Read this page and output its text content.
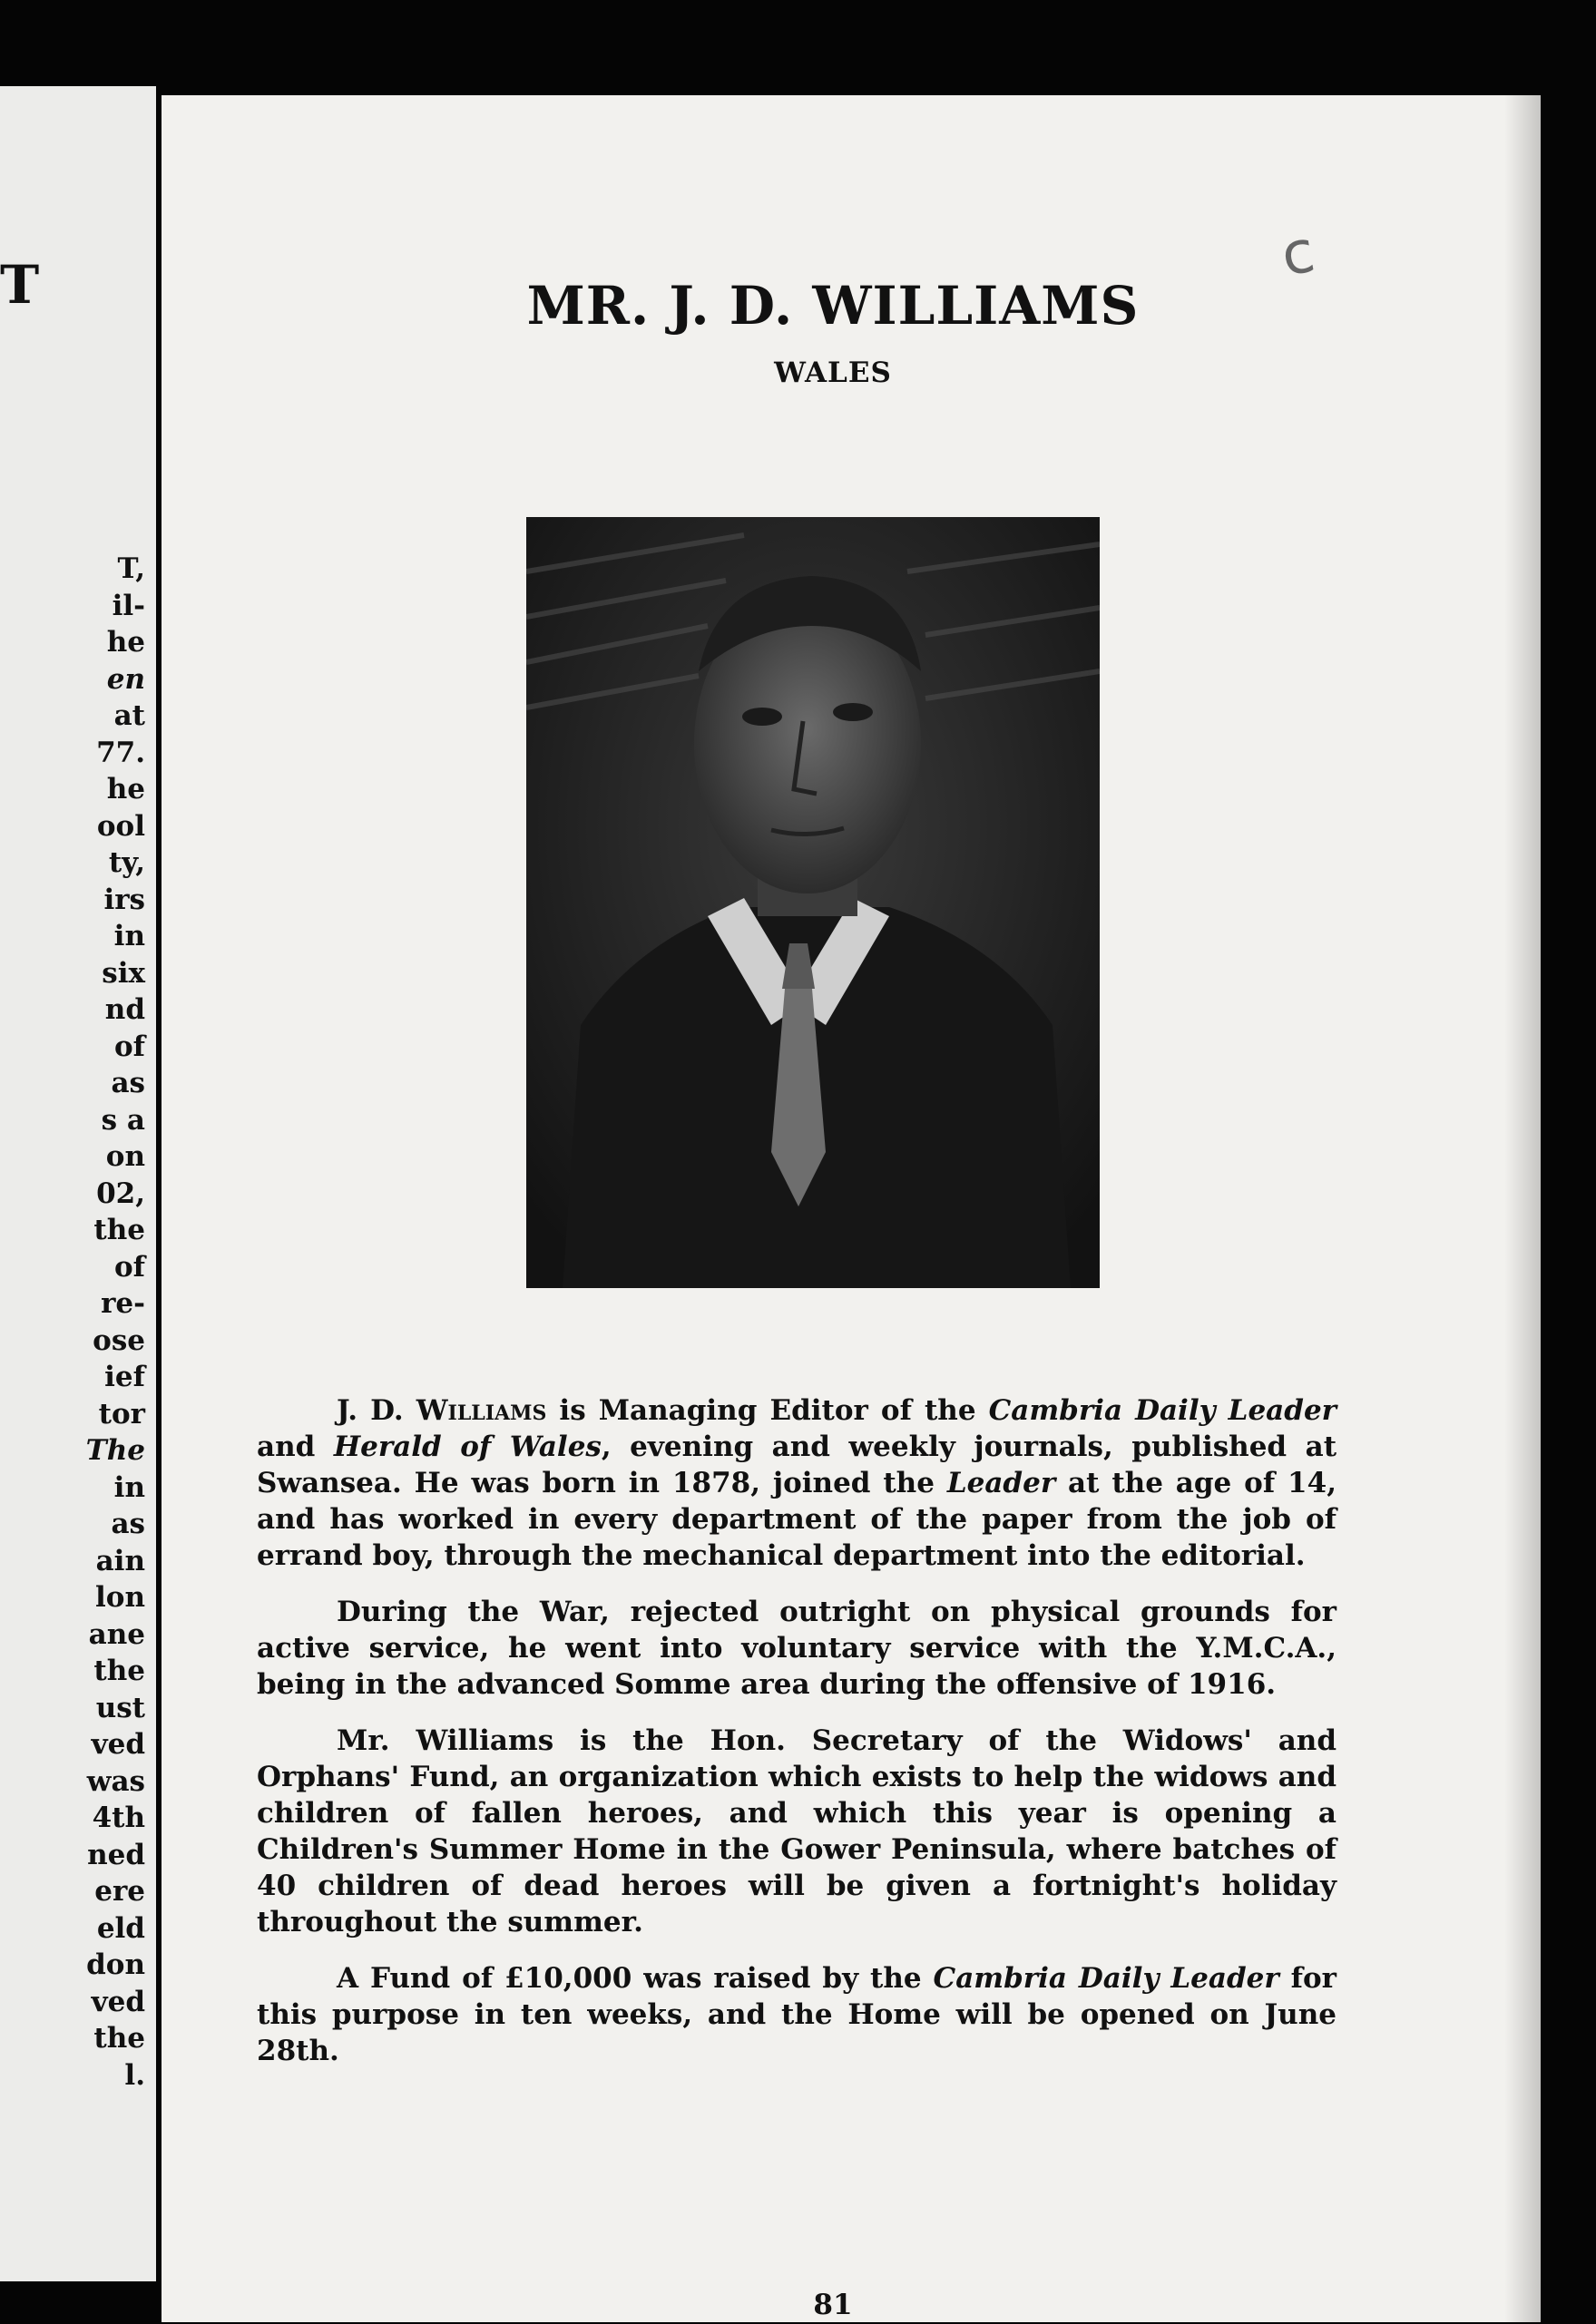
T

T,
il-
he
en
at
77.
he
ool
ty,
irs
in
six
nd
of
as
s a
on
02,
the
of
re-
ose
ief
tor
The
in
as
ain
lon
ane
the
ust
ved
was
4th
ned
ere
eld
don
ved
the
l.

c

MR. J. D. WILLIAMS
WALES

J. D. Williams is Managing Editor of the Cambria Daily Leader and Herald of Wales, evening and weekly journals, published at Swansea. He was born in 1878, joined the Leader at the age of 14, and has worked in every department of the paper from the job of errand boy, through the mechanical department into the editorial.

During the War, rejected outright on physical grounds for active service, he went into voluntary service with the Y.M.C.A., being in the advanced Somme area during the offensive of 1916.

Mr. Williams is the Hon. Secretary of the Widows' and Orphans' Fund, an organization which exists to help the widows and children of fallen heroes, and which this year is opening a Children's Summer Home in the Gower Peninsula, where batches of 40 children of dead heroes will be given a fortnight's holiday throughout the summer.

A Fund of £10,000 was raised by the Cambria Daily Leader for this purpose in ten weeks, and the Home will be opened on June 28th.

81
